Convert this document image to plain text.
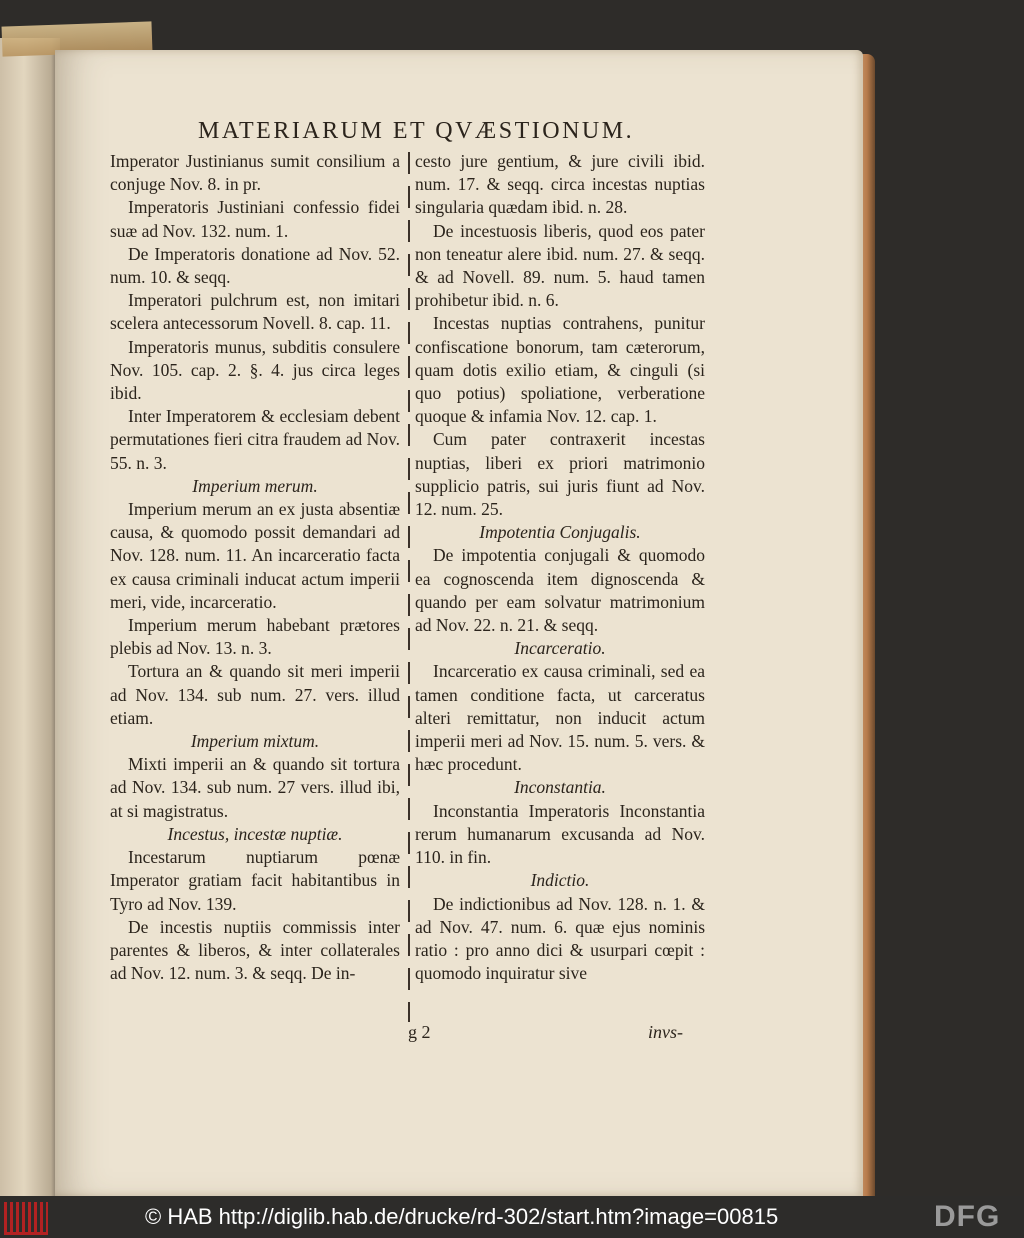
MATERIARUM ET QVÆSTIONUM.

Imperator Justinianus sumit consilium a conjuge Nov. 8. in pr.

Imperatoris Justiniani confessio fidei suæ ad Nov. 132. num. 1.

De Imperatoris donatione ad Nov. 52. num. 10. & seqq.

Imperatori pulchrum est, non imitari scelera antecessorum Novell. 8. cap. 11.

Imperatoris munus, subditis consulere Nov. 105. cap. 2. §. 4. jus circa leges ibid.

Inter Imperatorem & ecclesiam debent permutationes fieri citra fraudem ad Nov. 55. n. 3.

Imperium merum.

Imperium merum an ex justa absentiæ causa, & quomodo possit demandari ad Nov. 128. num. 11. An incarceratio facta ex causa criminali inducat actum imperii meri, vide, incarceratio.

Imperium merum habebant prætores plebis ad Nov. 13. n. 3.

Tortura an & quando sit meri imperii ad Nov. 134. sub num. 27. vers. illud etiam.

Imperium mixtum.

Mixti imperii an & quando sit tortura ad Nov. 134. sub num. 27 vers. illud ibi, at si magistratus.

Incestus, incestæ nuptiæ.

Incestarum nuptiarum pœnæ Imperator gratiam facit habitantibus in Tyro ad Nov. 139.

De incestis nuptiis commissis inter parentes & liberos, & inter collaterales ad Nov. 12. num. 3. & seqq. De in-

cesto jure gentium, & jure civili ibid. num. 17. & seqq. circa incestas nuptias singularia quædam ibid. n. 28.

De incestuosis liberis, quod eos pater non teneatur alere ibid. num. 27. & seqq. & ad Novell. 89. num. 5. haud tamen prohibetur ibid. n. 6.

Incestas nuptias contrahens, punitur confiscatione bonorum, tam cæterorum, quam dotis exilio etiam, & cinguli (si quo potius) spoliatione, verberatione quoque & infamia Nov. 12. cap. 1.

Cum pater contraxerit incestas nuptias, liberi ex priori matrimonio supplicio patris, sui juris fiunt ad Nov. 12. num. 25.

Impotentia Conjugalis.

De impotentia conjugali & quomodo ea cognoscenda item dignoscenda & quando per eam solvatur matrimonium ad Nov. 22. n. 21. & seqq.

Incarceratio.

Incarceratio ex causa criminali, sed ea tamen conditione facta, ut carceratus alteri remittatur, non inducit actum imperii meri ad Nov. 15. num. 5. vers. & hæc procedunt.

Inconstantia.

Inconstantia Imperatoris Inconstantia rerum humanarum excusanda ad Nov. 110. in fin.

Indictio.

De indictionibus ad Nov. 128. n. 1. & ad Nov. 47. num. 6. quæ ejus nominis ratio : pro anno dici & usurpari cœpit : quomodo inquiratur sive

g 2	invs-
© HAB http://diglib.hab.de/drucke/rd-302/start.htm?image=00815	DFG
